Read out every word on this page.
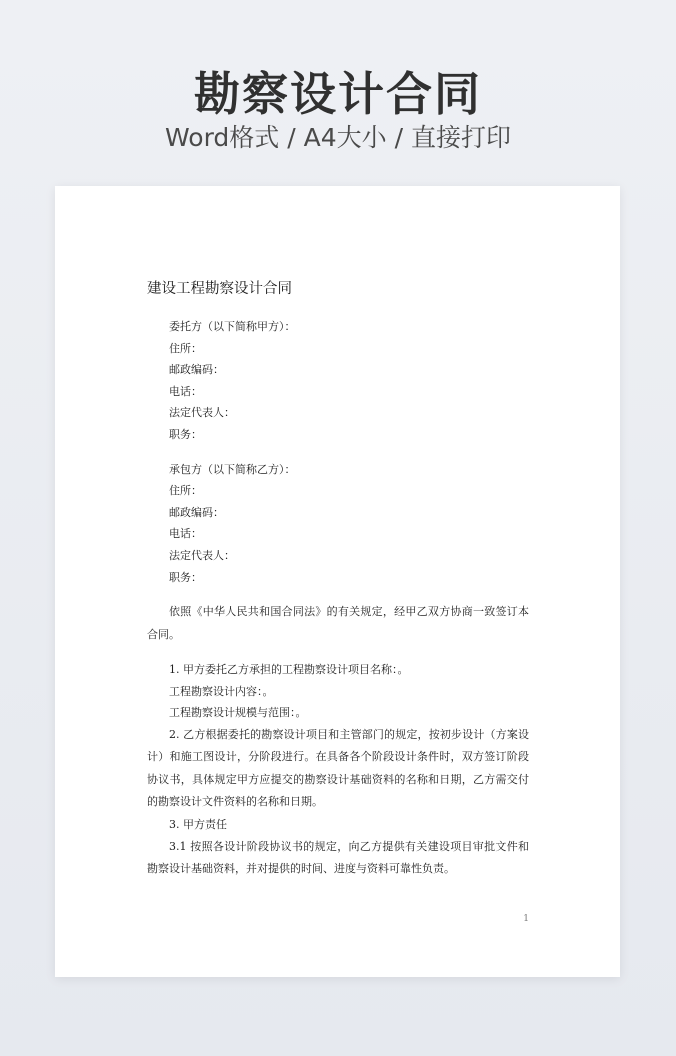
勘察设计合同
Word格式 / A4大小 / 直接打印
建设工程勘察设计合同
委托方（以下简称甲方）：
住所：
邮政编码：
电话：
法定代表人：
职务：
承包方（以下简称乙方）：
住所：
邮政编码：
电话：
法定代表人：
职务：
依照《中华人民共和国合同法》的有关规定，经甲乙双方协商一致签订本合同。
1. 甲方委托乙方承担的工程勘察设计项目名称：。
工程勘察设计内容：。
工程勘察设计规模与范围：。
2. 乙方根据委托的勘察设计项目和主管部门的规定，按初步设计（方案设计）和施工图设计，分阶段进行。在具备各个阶段设计条件时，双方签订阶段协议书，具体规定甲方应提交的勘察设计基础资料的名称和日期，乙方需交付的勘察设计文件资料的名称和日期。
3. 甲方责任
3.1 按照各设计阶段协议书的规定，向乙方提供有关建设项目审批文件和勘察设计基础资料，并对提供的时间、进度与资料可靠性负责。
1
